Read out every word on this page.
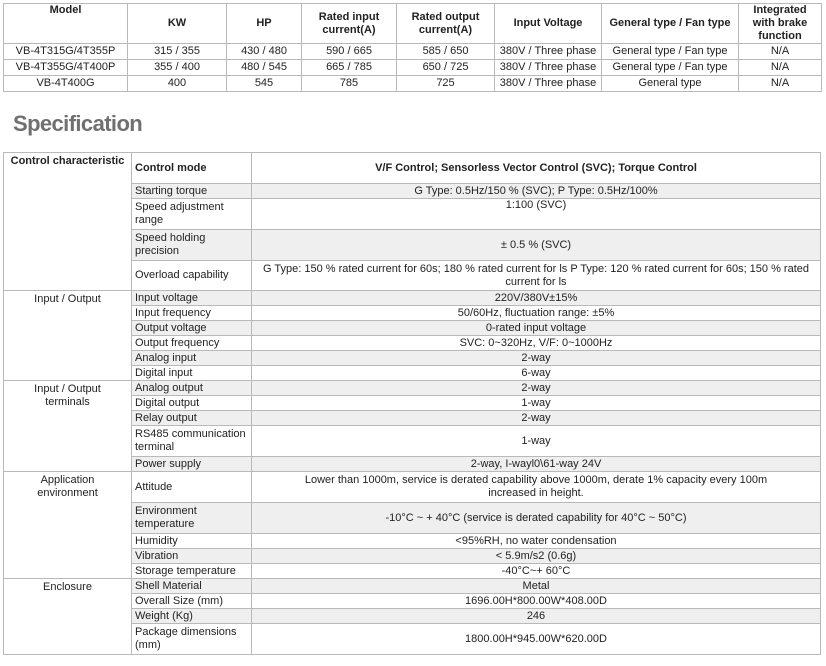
Model	KW	HP	Rated input current(A)	Rated output current(A)	Input Voltage	General type / Fan type	Integrated with brake function
VB-4T315G/4T355P	315 / 355	430 / 480	590 / 665	585 / 650	380V / Three phase	General type / Fan type	N/A
VB-4T355G/4T400P	355 / 400	480 / 545	665 / 785	650 / 725	380V / Three phase	General type / Fan type	N/A
VB-4T400G	400	545	785	725	380V / Three phase	General type	N/A
Specification
Control characteristic	Control mode	V/F Control; Sensorless Vector Control (SVC); Torque Control
	Starting torque	G Type: 0.5Hz/150 % (SVC); P Type: 0.5Hz/100%
	Speed adjustment range	1:100 (SVC)
	Speed holding precision	± 0.5 % (SVC)
	Overload capability	G Type: 150 % rated current for 60s; 180 % rated current for ls P Type: 120 % rated current for 60s; 150 % rated current for ls
Input / Output	Input voltage	220V/380V±15%
	Input frequency	50/60Hz, fluctuation range: ±5%
	Output voltage	0-rated input voltage
	Output frequency	SVC: 0~320Hz, V/F: 0~1000Hz
	Analog input	2-way
	Digital input	6-way
Input / Output terminals	Analog output	2-way
	Digital output	1-way
	Relay output	2-way
	RS485 communication terminal	1-way
	Power supply	2-way, I-wayl0\61-way 24V
Application environment	Attitude	Lower than 1000m, service is derated capability above 1000m, derate 1% capacity every 100m increased in height.
	Environment temperature	-10°C ~ + 40°C (service is derated capability for 40°C ~ 50°C)
	Humidity	<95%RH, no water condensation
	Vibration	< 5.9m/s2 (0.6g)
	Storage temperature	-40°C~+ 60°C
Enclosure	Shell Material	Metal
	Overall Size (mm)	1696.00H*800.00W*408.00D
	Weight (Kg)	246
	Package dimensions (mm)	1800.00H*945.00W*620.00D
